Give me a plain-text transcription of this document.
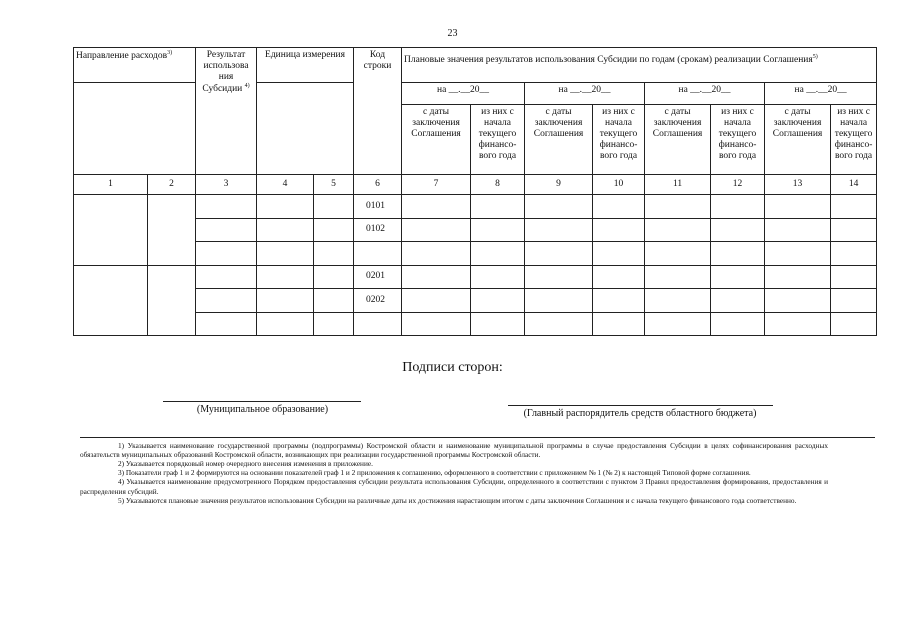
23
Направление расходов$^{3)}$		Результат использова ния Субсидии $^{4)}$	Единица измерения		Код строки	Плановые значения результатов использования Субсидии по годам (срокам) реализации Соглашения$^{5)}$
						на __.__20__		на __.__20__		на __.__20__		на __.__20__	
						с даты заключения Соглашения	из них с начала текущего финансо-вого года	с даты заключения Соглашения	из них с начала текущего финансо-вого года	с даты заключения Соглашения	из них с начала текущего финансо-вого года	с даты заключения Соглашения	из них с начала текущего финансо-вого года
1	2	3	4	5	6	7	8	9	10	11	12	13	14
					0101								
					0102								

					0201								
					0202								

Подписи сторон:
(Муниципальное образование)	(Главный распорядитель средств областного бюджета)

1) Указывается наименование государственной программы (подпрограммы) Костромской области и наименование муниципальной программы в случае предоставления Субсидии в целях софинансирования расходных обязательств муниципальных образований Костромской области, возникающих при реализации государственной программы Костромской области.

2) Указывается порядковый номер очередного внесения изменения в приложение.

3) Показатели граф 1 и 2 формируются на основании показателей граф 1 и 2 приложения к соглашению, оформленного в соответствии с приложением № 1 (№ 2) к настоящей Типовой форме соглашения.

4) Указывается наименование предусмотренного Порядком предоставления субсидии результата использования Субсидии, определенного в соответствии с пунктом 3 Правил предоставления формирования, предоставления и распределения субсидий.

5) Указываются плановые значения результатов использования Субсидии на различные даты их достижения нарастающим итогом с даты заключения Соглашения и с начала текущего финансового года соответственно.
